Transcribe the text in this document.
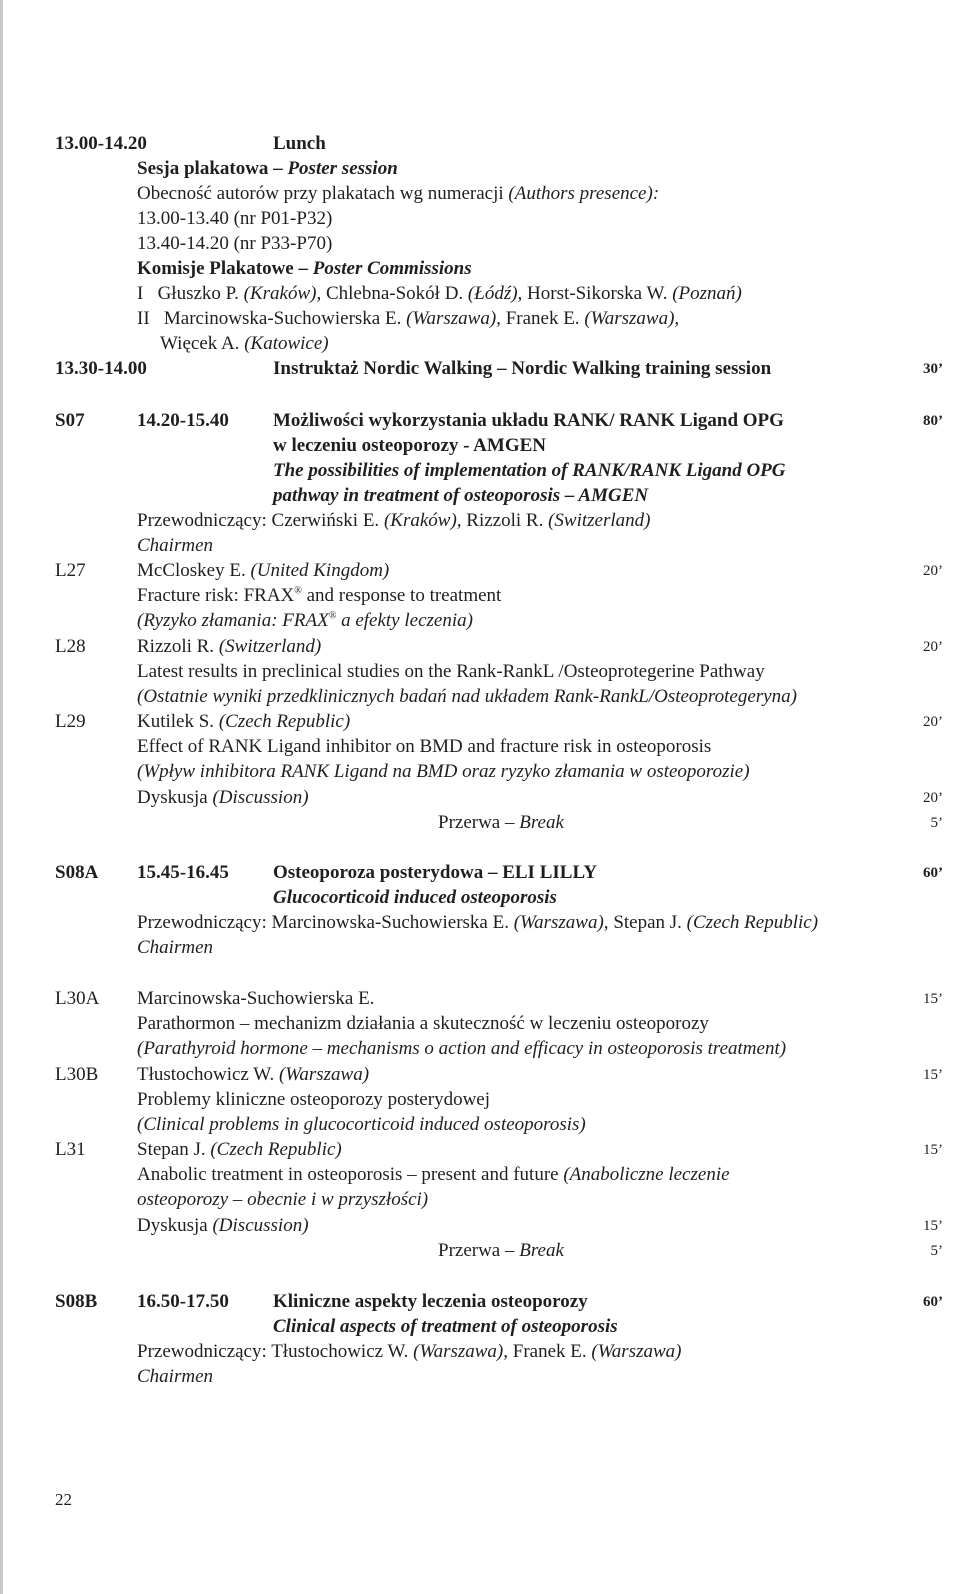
13.00-14.20	Lunch
Sesja plakatowa – Poster session
Obecność autorów przy plakatach wg numeracji (Authors presence):
13.00-13.40 (nr P01-P32)
13.40-14.20 (nr P33-P70)
Komisje Plakatowe – Poster Commissions
I Głuszko P. (Kraków), Chlebna-Sokół D. (Łódź), Horst-Sikorska W. (Poznań)
II Marcinowska-Suchowierska E. (Warszawa), Franek E. (Warszawa),
Więcek A. (Katowice)
13.30-14.00	Instruktaż Nordic Walking – Nordic Walking training session	30’
S07	14.20-15.40 Możliwości wykorzystania układu RANK/ RANK Ligand OPG	80’
w leczeniu osteoporozy - AMGEN
The possibilities of implementation of RANK/RANK Ligand OPG
pathway in treatment of osteoporosis – AMGEN
Przewodniczący: Czerwiński E. (Kraków), Rizzoli R. (Switzerland)
Chairmen
L27	McCloskey E. (United Kingdom)	20’
Fracture risk: FRAX® and response to treatment
(Ryzyko złamania: FRAX® a efekty leczenia)
L28	Rizzoli R. (Switzerland)	20’
Latest results in preclinical studies on the Rank-RankL /Osteoprotegerine Pathway
(Ostatnie wyniki przedklinicznych badań nad układem Rank-RankL/Osteoprotegeryna)
L29	Kutilek S. (Czech Republic)	20’
Effect of RANK Ligand inhibitor on BMD and fracture risk in osteoporosis
(Wpływ inhibitora RANK Ligand na BMD oraz ryzyko złamania w osteoporozie)
Dyskusja (Discussion)	20’
Przerwa – Break	5’
S08A 15.45-16.45 Osteoporoza posterydowa – ELI LILLY	60’
Glucocorticoid induced osteoporosis
Przewodniczący: Marcinowska-Suchowierska E. (Warszawa), Stepan J. (Czech Republic)
Chairmen
L30A Marcinowska-Suchowierska E.	15’
Parathormon – mechanizm działania a skuteczność w leczeniu osteoporozy
(Parathyroid hormone – mechanisms o action and efficacy in osteoporosis treatment)
L30B Tłustochowicz W. (Warszawa)	15’
Problemy kliniczne osteoporozy posterydowej
(Clinical problems in glucocorticoid induced osteoporosis)
L31	Stepan J. (Czech Republic)	15’
Anabolic treatment in osteoporosis – present and future (Anaboliczne leczenie
osteoporozy – obecnie i w przyszłości)
Dyskusja (Discussion)	15’
Przerwa – Break	5’
S08B 16.50-17.50 Kliniczne aspekty leczenia osteoporozy	60’
Clinical aspects of treatment of osteoporosis
Przewodniczący: Tłustochowicz W. (Warszawa), Franek E. (Warszawa)
Chairmen
22
